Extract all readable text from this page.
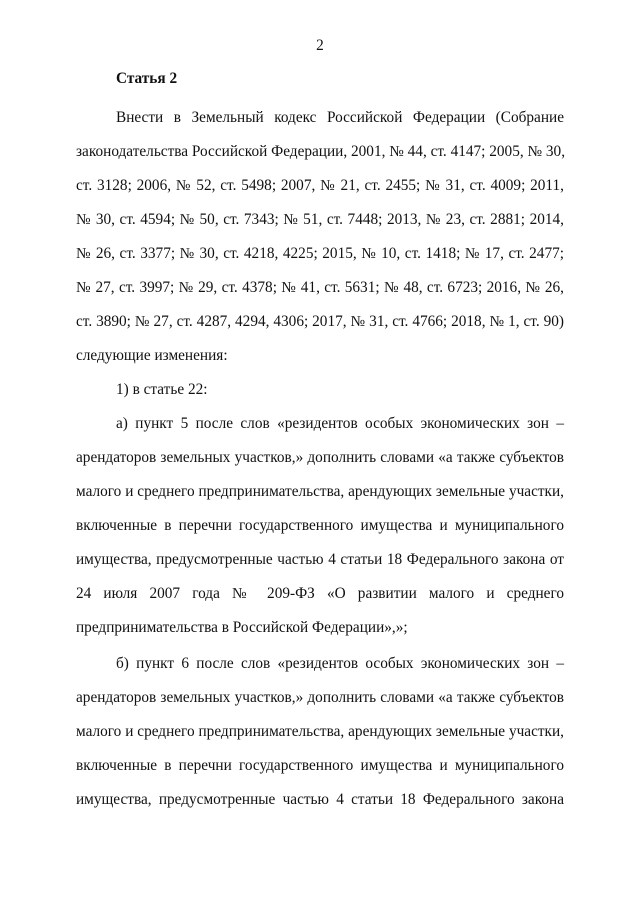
2
Статья 2
Внести в Земельный кодекс Российской Федерации (Собрание
законодательства Российской Федерации, 2001, № 44, ст. 4147; 2005, № 30,
ст. 3128; 2006, № 52, ст. 5498; 2007, № 21, ст. 2455; № 31, ст. 4009; 2011,
№ 30, ст. 4594; № 50, ст. 7343; № 51, ст. 7448; 2013, № 23, ст. 2881; 2014,
№ 26, ст. 3377; № 30, ст. 4218, 4225; 2015, № 10, ст. 1418; № 17, ст. 2477;
№ 27, ст. 3997; № 29, ст. 4378; № 41, ст. 5631; № 48, ст. 6723; 2016, № 26,
ст. 3890; № 27, ст. 4287, 4294, 4306; 2017, № 31, ст. 4766; 2018, № 1, ст. 90)
следующие изменения:
1) в статье 22:
а) пункт 5 после слов «резидентов особых экономических зон –
арендаторов земельных участков,» дополнить словами «а также субъектов
малого и среднего предпринимательства, арендующих земельные участки,
включенные в перечни государственного имущества и муниципального
имущества, предусмотренные частью 4 статьи 18 Федерального закона от
24 июля 2007 года № 209-ФЗ «О развитии малого и среднего
предпринимательства в Российской Федерации»,»;
б) пункт 6 после слов «резидентов особых экономических зон –
арендаторов земельных участков,» дополнить словами «а также субъектов
малого и среднего предпринимательства, арендующих земельные участки,
включенные в перечни государственного имущества и муниципального
имущества, предусмотренные частью 4 статьи 18 Федерального закона
